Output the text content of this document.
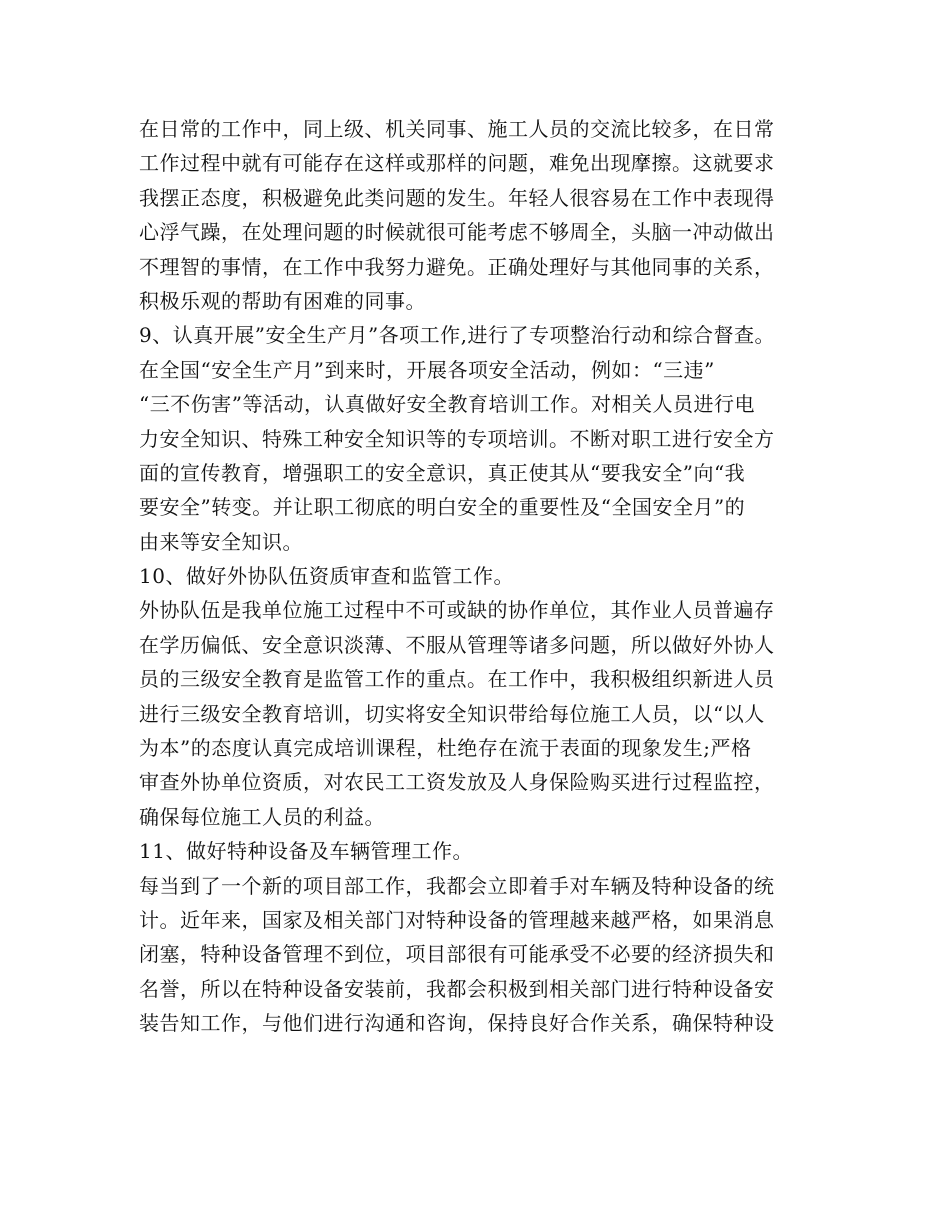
在日常的工作中，同上级、机关同事、施工人员的交流比较多，在日常
工作过程中就有可能存在这样或那样的问题，难免出现摩擦。这就要求
我摆正态度，积极避免此类问题的发生。年轻人很容易在工作中表现得
心浮气躁，在处理问题的时候就很可能考虑不够周全，头脑一冲动做出
不理智的事情，在工作中我努力避免。正确处理好与其他同事的关系，
积极乐观的帮助有困难的同事。
9、认真开展”安全生产月”各项工作,进行了专项整治行动和综合督查。
在全国“安全生产月”到来时，开展各项安全活动，例如：“三违”
“三不伤害”等活动，认真做好安全教育培训工作。对相关人员进行电
力安全知识、特殊工种安全知识等的专项培训。不断对职工进行安全方
面的宣传教育，增强职工的安全意识，真正使其从“要我安全”向“我
要安全”转变。并让职工彻底的明白安全的重要性及“全国安全月”的
由来等安全知识。
10、做好外协队伍资质审查和监管工作。
外协队伍是我单位施工过程中不可或缺的协作单位，其作业人员普遍存
在学历偏低、安全意识淡薄、不服从管理等诸多问题，所以做好外协人
员的三级安全教育是监管工作的重点。在工作中，我积极组织新进人员
进行三级安全教育培训，切实将安全知识带给每位施工人员，以“以人
为本”的态度认真完成培训课程，杜绝存在流于表面的现象发生;严格
审查外协单位资质，对农民工工资发放及人身保险购买进行过程监控，
确保每位施工人员的利益。
11、做好特种设备及车辆管理工作。
每当到了一个新的项目部工作，我都会立即着手对车辆及特种设备的统
计。近年来，国家及相关部门对特种设备的管理越来越严格，如果消息
闭塞，特种设备管理不到位，项目部很有可能承受不必要的经济损失和
名誉，所以在特种设备安装前，我都会积极到相关部门进行特种设备安
装告知工作，与他们进行沟通和咨询，保持良好合作关系，确保特种设
